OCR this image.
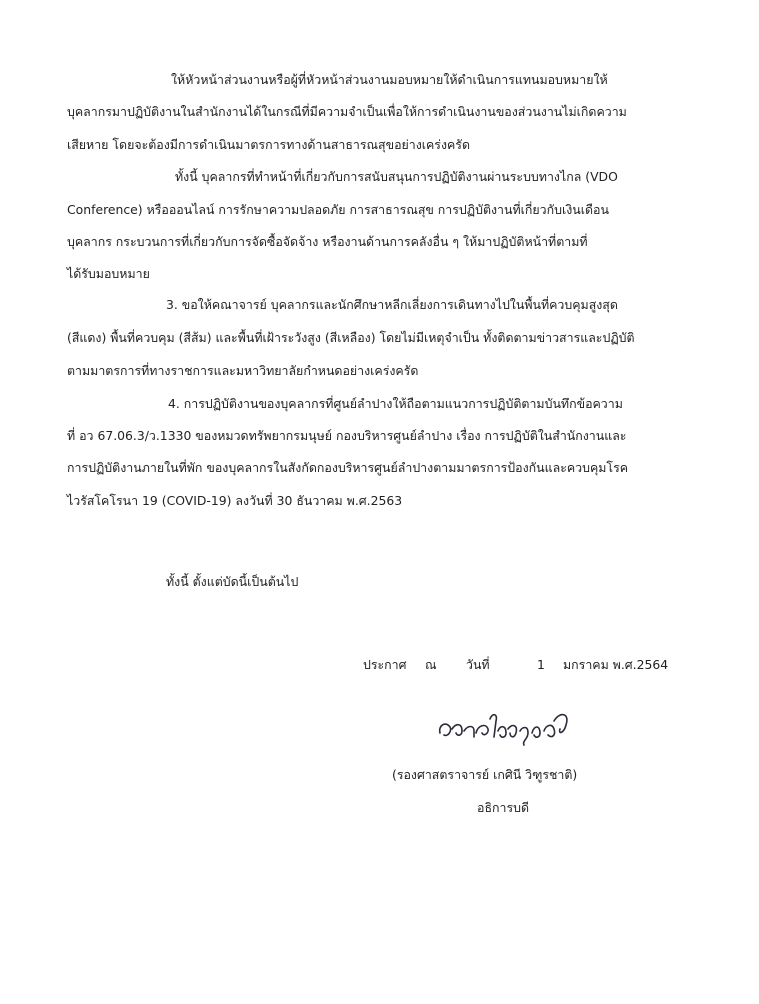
ให้หัวหน้าส่วนงานหรือผู้ที่หัวหน้าส่วนงานมอบหมายให้ดำเนินการแทนมอบหมายให้
บุคลากรมาปฏิบัติงานในสำนักงานได้ในกรณีที่มีความจำเป็นเพื่อให้การดำเนินงานของส่วนงานไม่เกิดความ
เสียหาย โดยจะต้องมีการดำเนินมาตรการทางด้านสาธารณสุขอย่างเคร่งครัด
ทั้งนี้ บุคลากรที่ทำหน้าที่เกี่ยวกับการสนับสนุนการปฏิบัติงานผ่านระบบทางไกล (VDO
Conference) หรือออนไลน์ การรักษาความปลอดภัย การสาธารณสุข การปฏิบัติงานที่เกี่ยวกับเงินเดือน
บุคลากร กระบวนการที่เกี่ยวกับการจัดซื้อจัดจ้าง หรืองานด้านการคลังอื่น ๆ ให้มาปฏิบัติหน้าที่ตามที่
ได้รับมอบหมาย
3. ขอให้คณาจารย์ บุคลากรและนักศึกษาหลีกเลี่ยงการเดินทางไปในพื้นที่ควบคุมสูงสุด
(สีแดง) พื้นที่ควบคุม (สีส้ม) และพื้นที่เฝ้าระวังสูง (สีเหลือง) โดยไม่มีเหตุจำเป็น ทั้งติดตามข่าวสารและปฏิบัติ
ตามมาตรการที่ทางราชการและมหาวิทยาลัยกำหนดอย่างเคร่งครัด
4. การปฏิบัติงานของบุคลากรที่ศูนย์ลำปางให้ถือตามแนวการปฏิบัติตามบันทึกข้อความ
ที่ อว 67.06.3/ว.1330 ของหมวดทรัพยากรมนุษย์ กองบริหารศูนย์ลำปาง เรื่อง การปฏิบัติในสำนักงานและ
การปฏิบัติงานภายในที่พัก ของบุคลากรในสังกัดกองบริหารศูนย์ลำปางตามมาตรการป้องกันและควบคุมโรค
ไวรัสโคโรนา 19 (COVID-19) ลงวันที่ 30 ธันวาคม พ.ศ.2563
ทั้งนี้ ตั้งแต่บัดนี้เป็นต้นไป
ประกาศ ณ วันที่	1 มกราคม พ.ศ.2564
(รองศาสตราจารย์ เกศินี วิฑูรชาติ)
อธิการบดี
